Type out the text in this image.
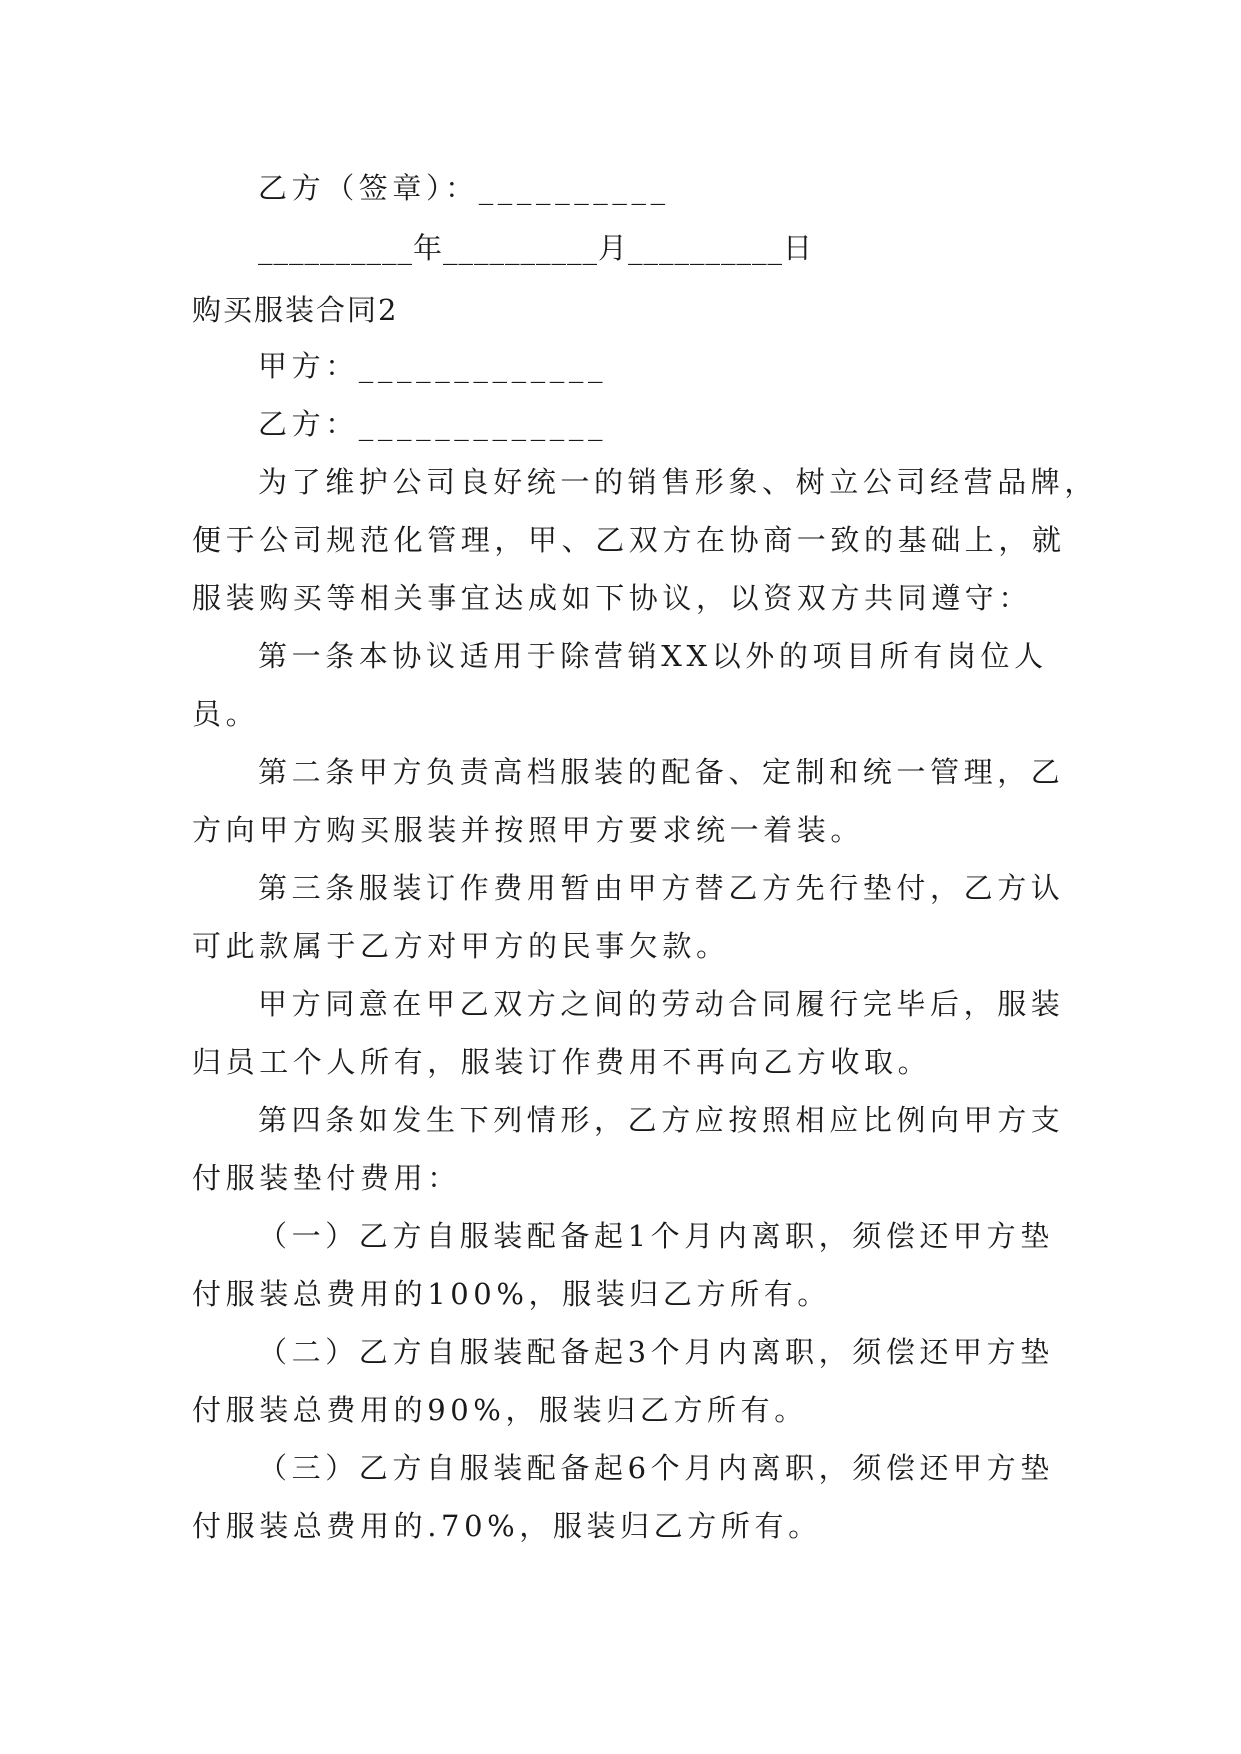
乙方（签章）：__________

__________年__________月__________日

购买服装合同2

甲方：_____________

乙方：_____________

为了维护公司良好统一的销售形象、树立公司经营品牌，

便于公司规范化管理，甲、乙双方在协商一致的基础上，就

服装购买等相关事宜达成如下协议，以资双方共同遵守：

第一条本协议适用于除营销XX以外的项目所有岗位人

员。

第二条甲方负责高档服装的配备、定制和统一管理，乙

方向甲方购买服装并按照甲方要求统一着装。

第三条服装订作费用暂由甲方替乙方先行垫付，乙方认

可此款属于乙方对甲方的民事欠款。

甲方同意在甲乙双方之间的劳动合同履行完毕后，服装

归员工个人所有，服装订作费用不再向乙方收取。

第四条如发生下列情形，乙方应按照相应比例向甲方支

付服装垫付费用：

（一）乙方自服装配备起1个月内离职，须偿还甲方垫

付服装总费用的100%，服装归乙方所有。

（二）乙方自服装配备起3个月内离职，须偿还甲方垫

付服装总费用的90%，服装归乙方所有。

（三）乙方自服装配备起6个月内离职，须偿还甲方垫

付服装总费用的.70%，服装归乙方所有。
